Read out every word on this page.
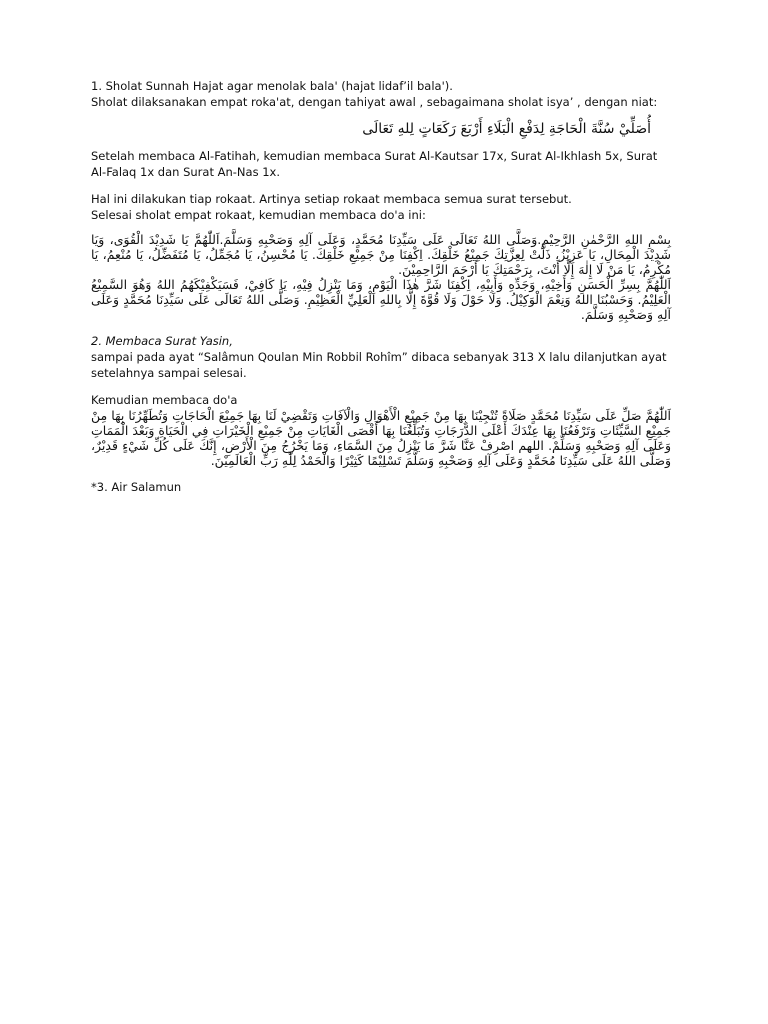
1. Sholat Sunnah Hajat agar menolak bala' (hajat lidaf’il bala').

Sholat dilaksanakan empat roka'at, dengan tahiyat awal , sebagaimana sholat isya’ , dengan niat:

أُصَلِّيْ سُنَّةَ الْحَاجَةِ لِدَفْعِ الْبَلَاءِ أَرْبَعَ رَكَعَاتٍ لِلهِ تَعَالَى

Setelah membaca Al-Fatihah, kemudian membaca Surat Al-Kautsar 17x, Surat Al-Ikhlash 5x, Surat Al-Falaq 1x dan Surat An-Nas 1x.

Hal ini dilakukan tiap rokaat. Artinya setiap rokaat membaca semua surat tersebut.

Selesai sholat empat rokaat, kemudian membaca do'a ini:

بِسْمِ اللهِ الرَّحْمٰنِ الرَّحِيْمِ.وَصَلَّى اللهُ تَعَالَى عَلَى سَيِّدِنَا مُحَمَّدٍ، وَعَلَى آلِهِ وَصَحْبِهِ وَسَلَّمَ.اَللّٰهُمَّ يَا شَدِيْدَ الْقُوَى، وَيَا شَدِيْدَ الْمِحَالِ، يَا عَزِيْزُ، ذَلَّتْ لِعِزَّتِكَ جَمِيْعُ خَلْقِكَ. اِكْفِنَا مِنْ جَمِيْعِ خَلْقِكَ. يَا مُحْسِنُ، يَا مُجَمِّلُ، يَا مُتَفَضِّلُ، يَا مُنْعِمُ، يَا مُكْرِمُ، يَا مَنْ لَا إِلٰهَ إِلَّا أَنْتَ، بِرَحْمَتِكَ يَا أَرْحَمَ الرَّاحِمِيْنَ.

اَللّٰهُمَّ بِسِرِّ الْحَسَنِ وَأَخِيْهِ، وَجَدِّهِ وَأَبِيْهِ، اِكْفِنَا شَرَّ هٰذَا الْيَوْمِ، وَمَا يَنْزِلُ فِيْهِ، يَا كَافِيْ، فَسَيَكْفِيْكَهُمُ اللهُ وَهُوَ السَّمِيْعُ الْعَلِيْمُ. وَحَسْبُنَا اللهُ وَنِعْمَ الْوَكِيْلُ. وَلَا حَوْلَ وَلَا قُوَّةَ إِلَّا بِاللهِ الْعَلِيِّ الْعَظِيْمِ. وَصَلَّى اللهُ تَعَالَى عَلَى سَيِّدِنَا مُحَمَّدٍ وَعَلَى آلِهِ وَصَحْبِهِ وَسَلَّمَ.

2. Membaca Surat Yasin,

sampai pada ayat “Salâmun Qoulan Min Robbil Rohîm” dibaca sebanyak 313 X lalu dilanjutkan ayat setelahnya sampai selesai.

Kemudian membaca do'a

اَللّٰهُمَّ صَلِّ عَلَى سَيِّدِنَا مُحَمَّدٍ صَلَاةً تُنْجِيْنَا بِهَا مِنْ جَمِيْعِ الْأَهْوَالِ وَالْآفَاتِ وَتَقْضِيْ لَنَا بِهَا جَمِيْعَ الْحَاجَاتِ وَتُطَهِّرُنَا بِهَا مِنْ جَمِيْعِ السَّيِّئَاتِ وَتَرْفَعُنَا بِهَا عِنْدَكَ أَعْلَى الدَّرَجَاتِ وَتُبَلِّغُنَا بِهَا أَقْصَى الْغَايَاتِ مِنْ جَمِيْعِ الْخَيْرَاتِ فِي الْحَيَاةِ وَبَعْدَ الْمَمَاتِ وَعَلَى آلِهِ وَصَحْبِهِ وَسَلِّمْ. اللهم اصْرِفْ عَنَّا شَرَّ مَا يَنْزِلُ مِنَ السَّمَاءِ، وَمَا يَخْرُجُ مِنَ الْأَرْضِ، إِنَّكَ عَلَى كُلِّ شَيْءٍ قَدِيْرٌ، وَصَلَّى اللهُ عَلَى سَيِّدِنَا مُحَمَّدٍ وَعَلَى آلِهِ وَصَحْبِهِ وَسَلَّمَ تَسْلِيْمًا كَثِيْرًا وَالْحَمْدُ لِلّٰهِ رَبِّ الْعَالَمِيْنَ.

*3. Air Salamun
